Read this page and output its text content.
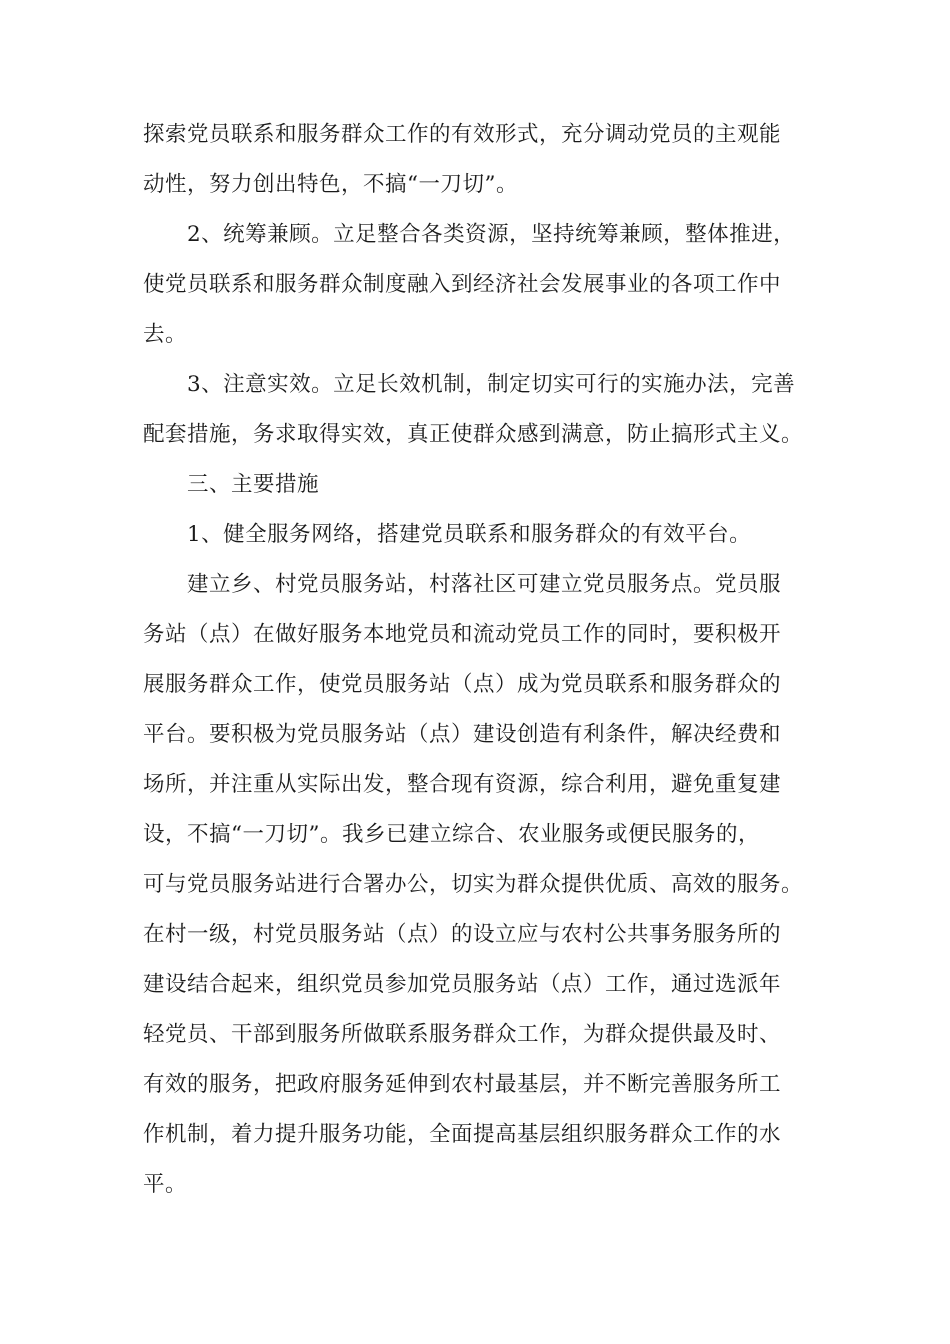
探索党员联系和服务群众工作的有效形式，充分调动党员的主观能
动性，努力创出特色，不搞“一刀切”。
2、统筹兼顾。立足整合各类资源，坚持统筹兼顾，整体推进，
使党员联系和服务群众制度融入到经济社会发展事业的各项工作中
去。
3、注意实效。立足长效机制，制定切实可行的实施办法，完善
配套措施，务求取得实效，真正使群众感到满意，防止搞形式主义。
三、主要措施
1、健全服务网络，搭建党员联系和服务群众的有效平台。
建立乡、村党员服务站，村落社区可建立党员服务点。党员服
务站（点）在做好服务本地党员和流动党员工作的同时，要积极开
展服务群众工作，使党员服务站（点）成为党员联系和服务群众的
平台。要积极为党员服务站（点）建设创造有利条件，解决经费和
场所，并注重从实际出发，整合现有资源，综合利用，避免重复建
设，不搞“一刀切”。我乡已建立综合、农业服务或便民服务的，
可与党员服务站进行合署办公，切实为群众提供优质、高效的服务。
在村一级，村党员服务站（点）的设立应与农村公共事务服务所的
建设结合起来，组织党员参加党员服务站（点）工作，通过选派年
轻党员、干部到服务所做联系服务群众工作，为群众提供最及时、
有效的服务，把政府服务延伸到农村最基层，并不断完善服务所工
作机制，着力提升服务功能，全面提高基层组织服务群众工作的水
平。
